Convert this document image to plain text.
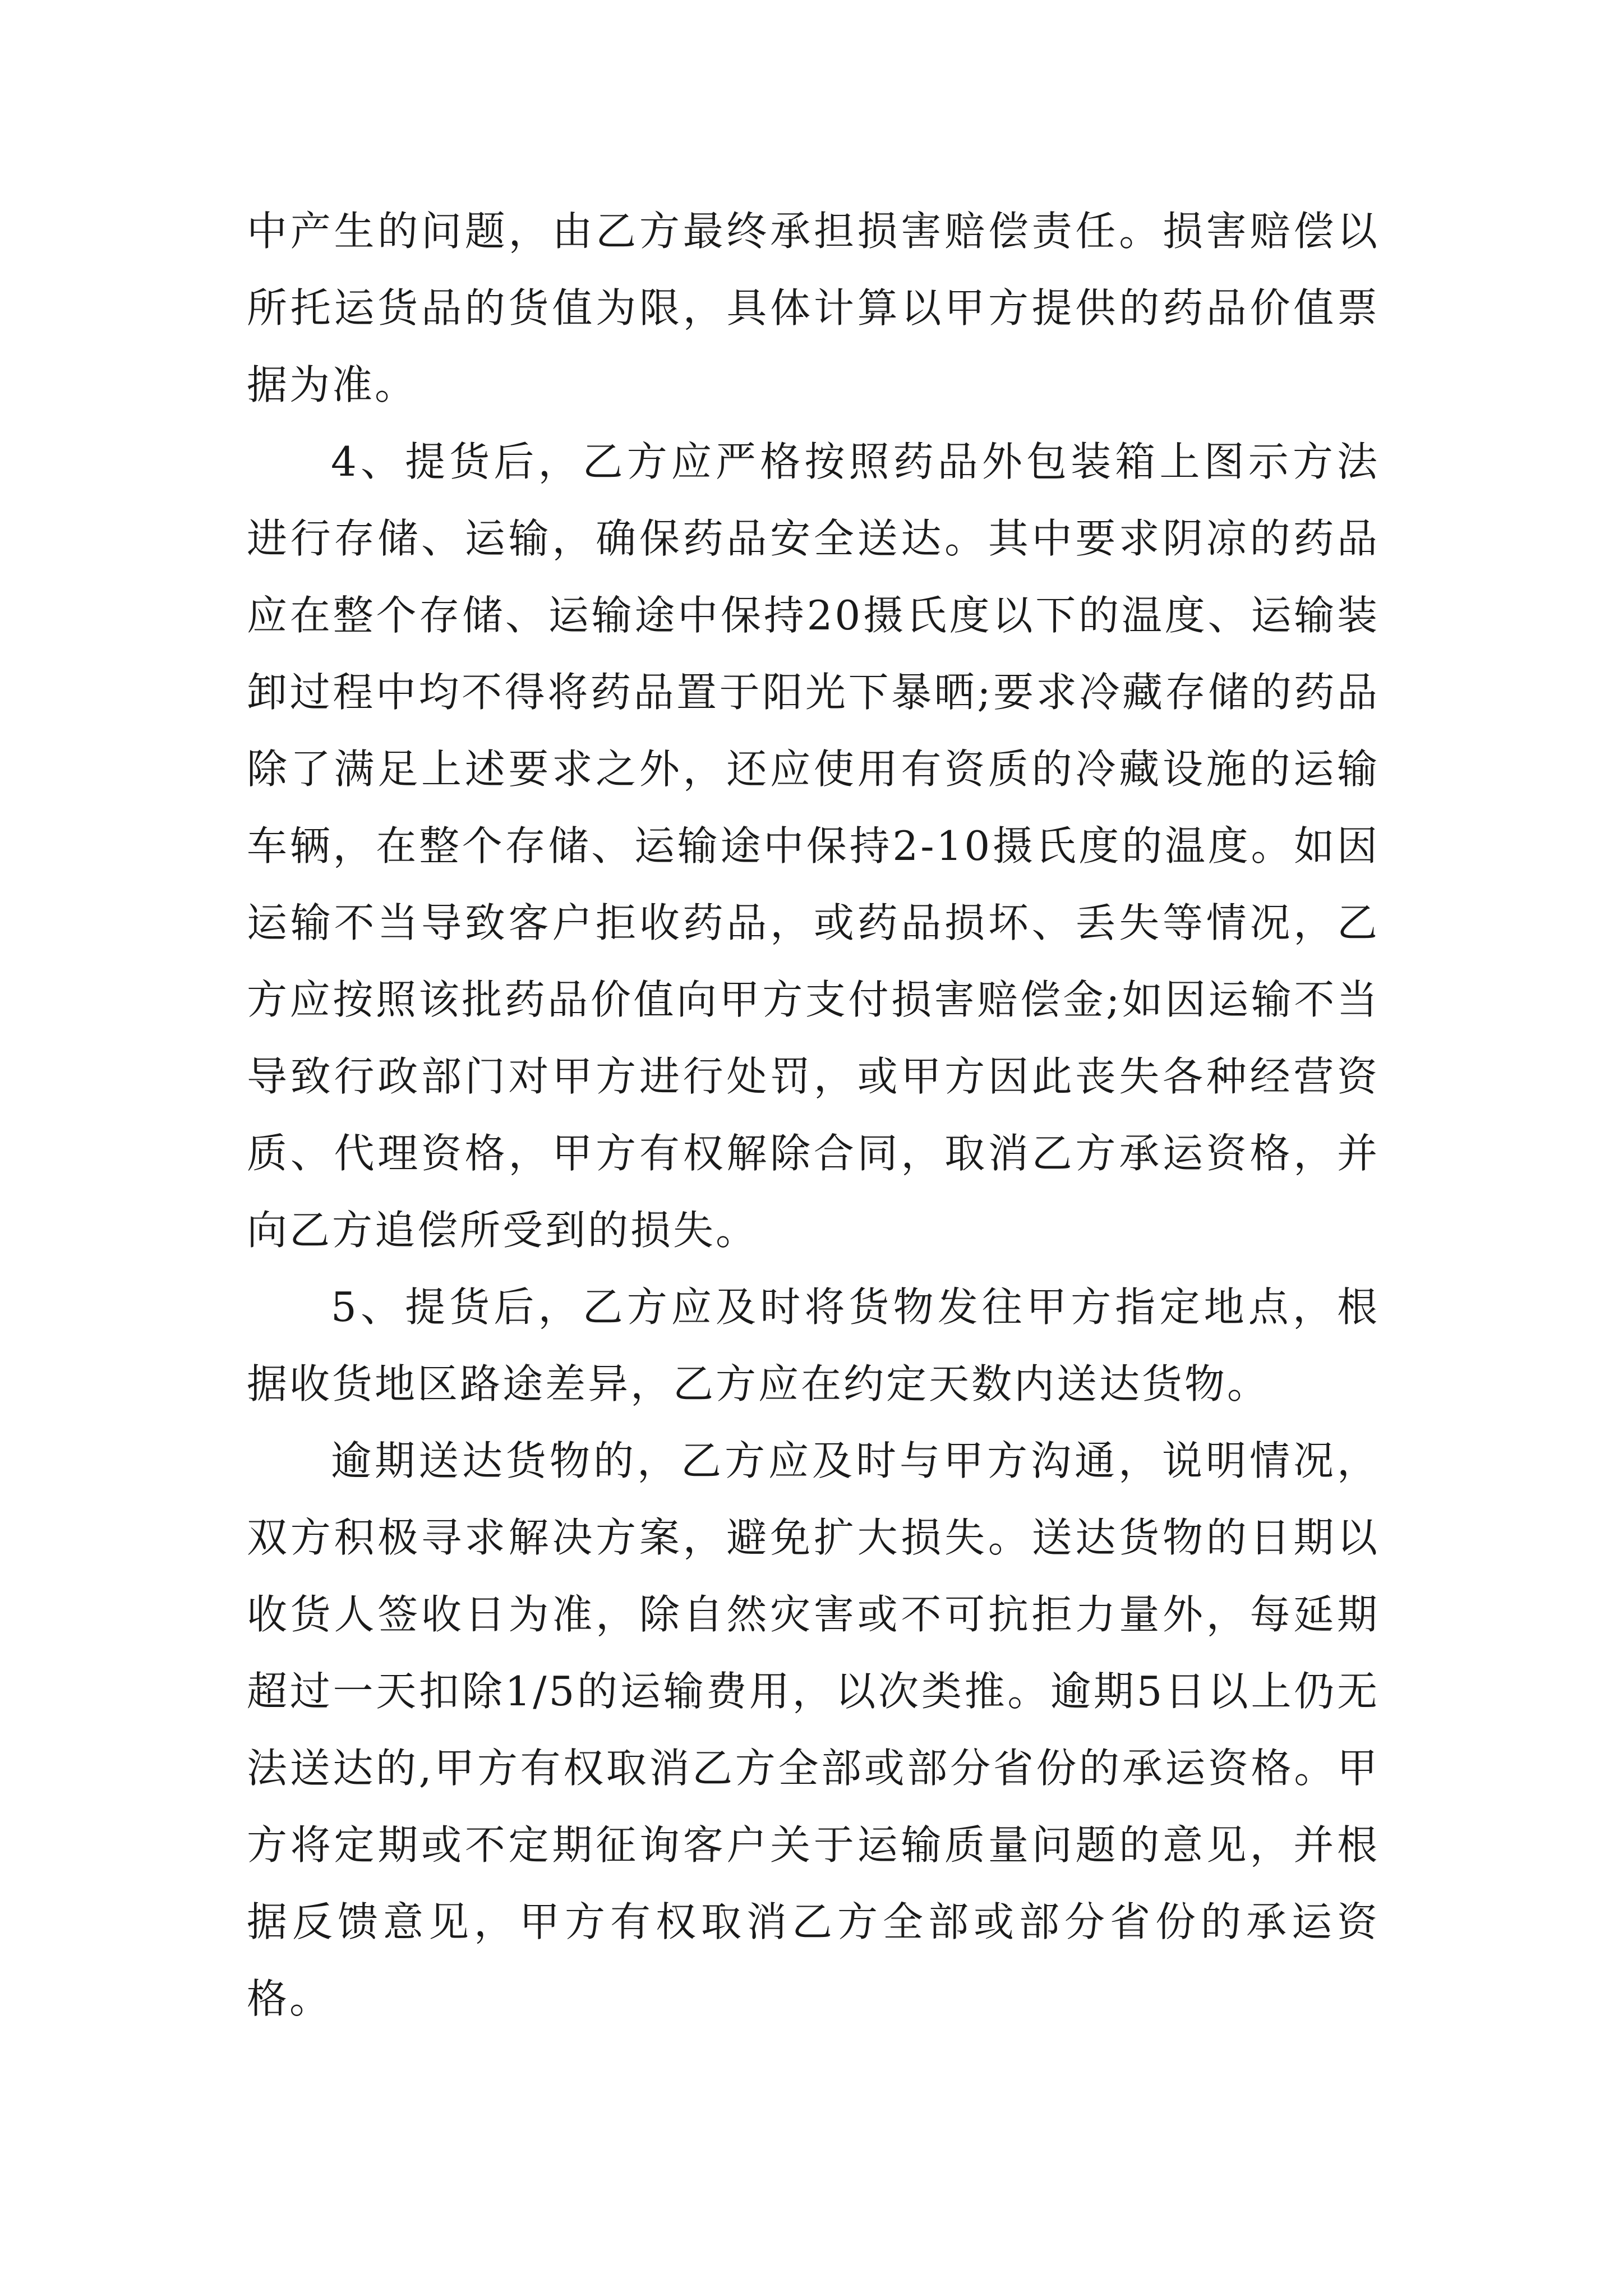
中产生的问题，由乙方最终承担损害赔偿责任。损害赔偿以所托运货品的货值为限，具体计算以甲方提供的药品价值票据为准。

4、提货后，乙方应严格按照药品外包装箱上图示方法进行存储、运输，确保药品安全送达。其中要求阴凉的药品应在整个存储、运输途中保持20摄氏度以下的温度、运输装卸过程中均不得将药品置于阳光下暴晒;要求冷藏存储的药品除了满足上述要求之外，还应使用有资质的冷藏设施的运输车辆，在整个存储、运输途中保持2-10摄氏度的温度。如因运输不当导致客户拒收药品，或药品损坏、丢失等情况，乙方应按照该批药品价值向甲方支付损害赔偿金;如因运输不当导致行政部门对甲方进行处罚，或甲方因此丧失各种经营资质、代理资格，甲方有权解除合同，取消乙方承运资格，并向乙方追偿所受到的损失。

5、提货后，乙方应及时将货物发往甲方指定地点，根据收货地区路途差异，乙方应在约定天数内送达货物。

逾期送达货物的，乙方应及时与甲方沟通，说明情况，双方积极寻求解决方案，避免扩大损失。送达货物的日期以收货人签收日为准，除自然灾害或不可抗拒力量外，每延期超过一天扣除1/5的运输费用，以次类推。逾期5日以上仍无法送达的,甲方有权取消乙方全部或部分省份的承运资格。甲方将定期或不定期征询客户关于运输质量问题的意见，并根据反馈意见，甲方有权取消乙方全部或部分省份的承运资格。
